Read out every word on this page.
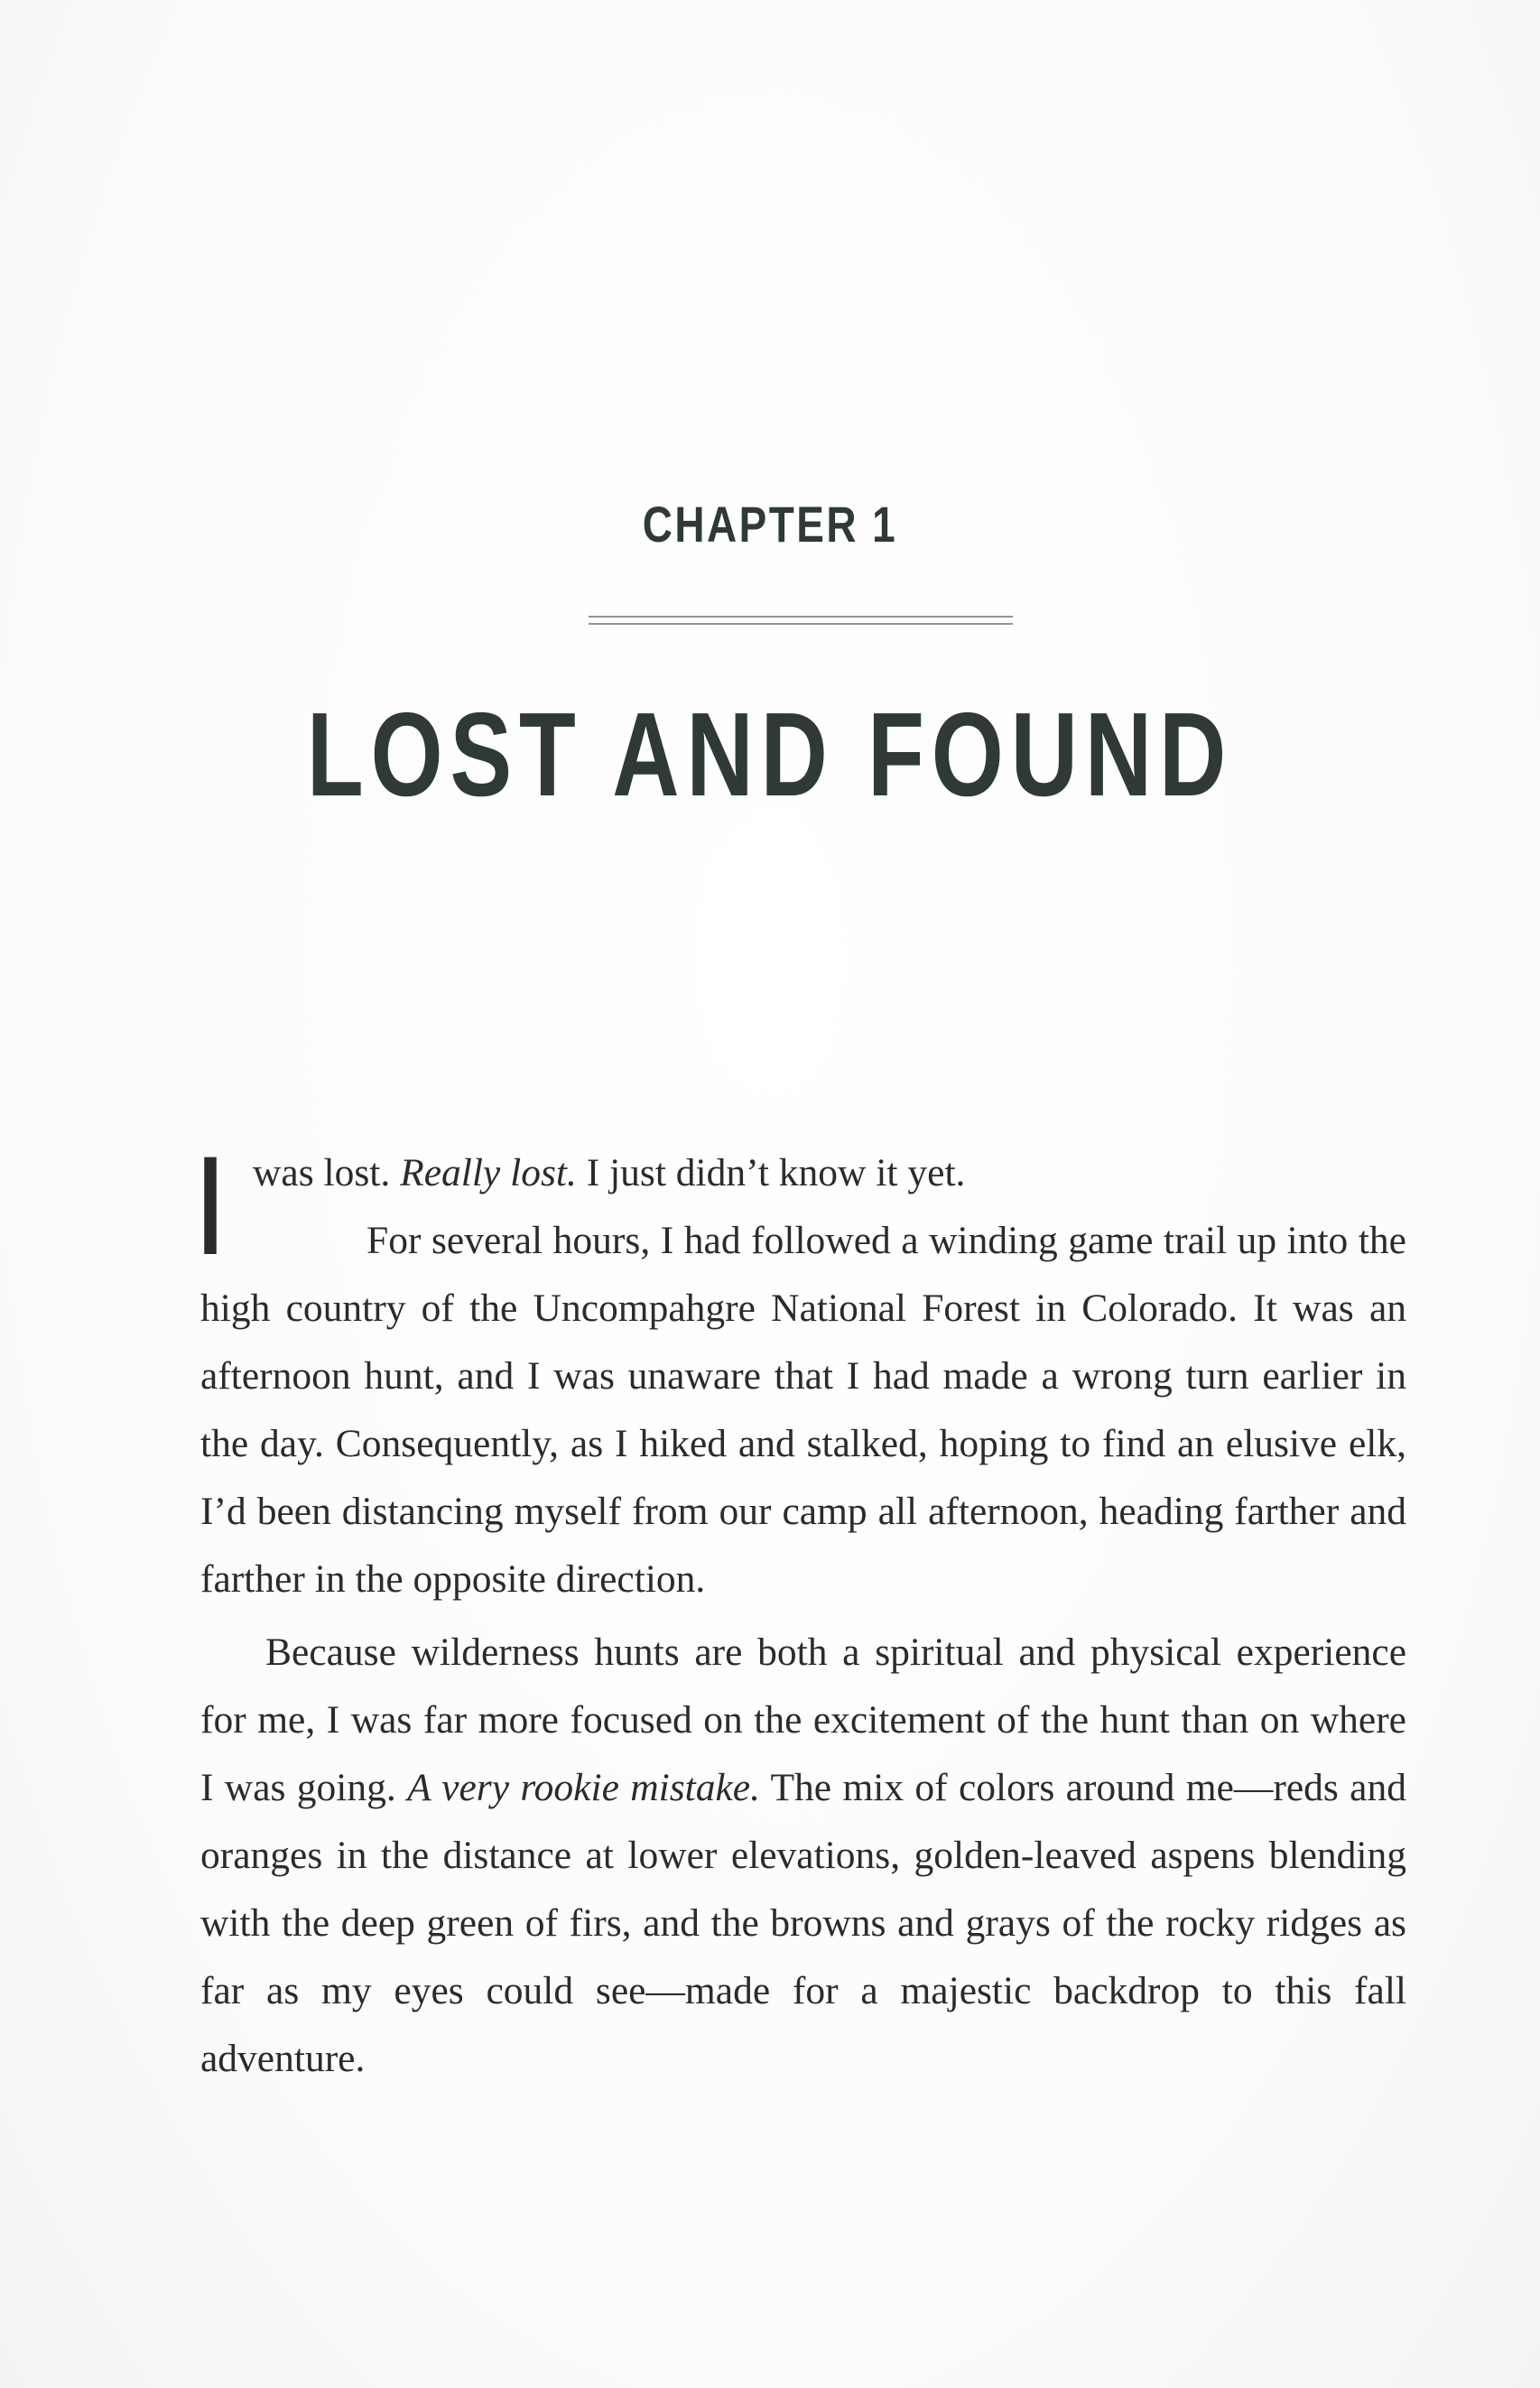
CHAPTER 1
LOST AND FOUND
I was lost. Really lost. I just didn’t know it yet.

For several hours, I had followed a winding game trail up into the high country of the Uncompahgre National Forest in Colorado. It was an afternoon hunt, and I was unaware that I had made a wrong turn earlier in the day. Consequently, as I hiked and stalked, hoping to find an elusive elk, I’d been distancing myself from our camp all afternoon, heading farther and farther in the opposite direction.

Because wilderness hunts are both a spiritual and physical experience for me, I was far more focused on the excitement of the hunt than on where I was going. A very rookie mistake. The mix of colors around me—reds and oranges in the distance at lower elevations, golden-leaved aspens blending with the deep green of firs, and the browns and grays of the rocky ridges as far as my eyes could see—made for a majestic backdrop to this fall adventure.
